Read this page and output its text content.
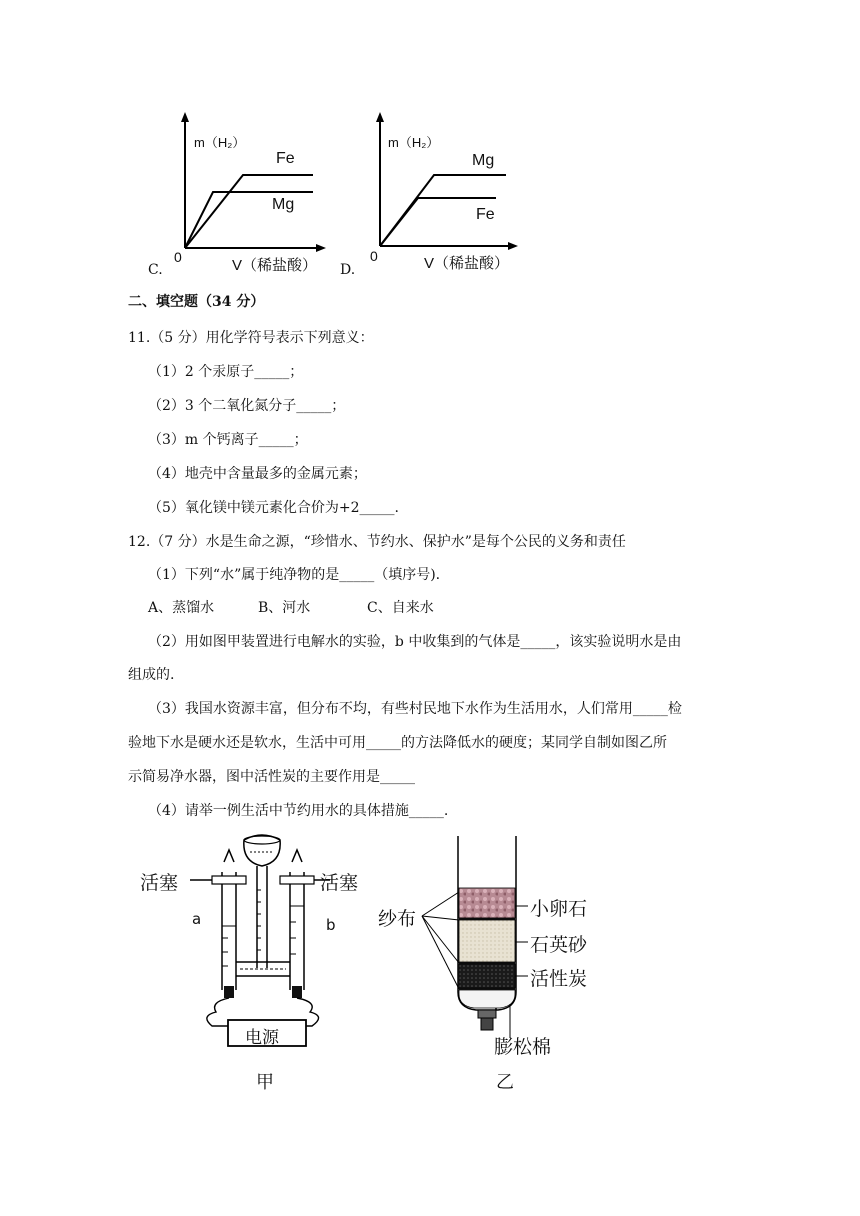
m（H₂）
Fe
Mg
0	V（稀盐酸）
C.
m（H₂）
Mg
Fe
0	V（稀盐酸）
D.
二、填空题（34 分）
11.（5 分）用化学符号表示下列意义：
（1）2 个汞原子_____；
（2）3 个二氧化氮分子_____；
（3）m 个钙离子_____；
（4）地壳中含量最多的金属元素；
（5）氧化镁中镁元素化合价为+2_____.
12.（7 分）水是生命之源，“珍惜水、节约水、保护水”是每个公民的义务和责任
（1）下列“水”属于纯净物的是_____（填序号).
A、蒸馏水	B、河水	C、自来水
（2）用如图甲装置进行电解水的实验，b 中收集到的气体是_____，该实验说明水是由
组成的.
（3）我国水资源丰富，但分布不均，有些村民地下水作为生活用水，人们常用_____检
验地下水是硬水还是软水，生活中可用_____的方法降低水的硬度；某同学自制如图乙所
示简易净水器，图中活性炭的主要作用是_____
（4）请举一例生活中节约用水的具体措施_____.
活塞	活塞
a	b
电源
甲
纱布	小卵石
石英砂
活性炭
膨松棉
乙
